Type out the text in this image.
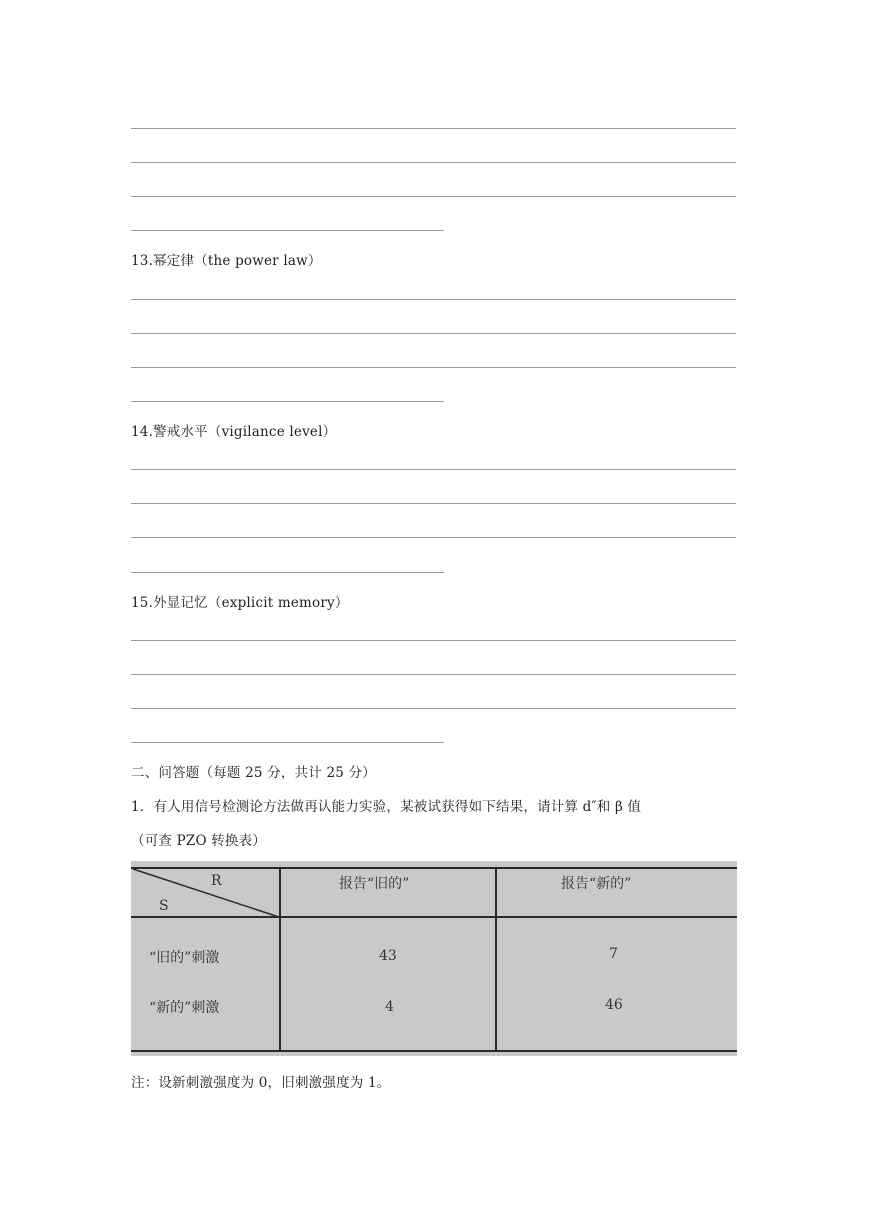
13.幂定律（the power law）
14.警戒水平（vigilance level）
15.外显记忆（explicit memory）
二、问答题（每题 25 分，共计 25 分）
1．有人用信号检测论方法做再认能力实验，某被试获得如下结果，请计算 d″和 β 值
（可查 PZO 转换表）
R
S
报告“旧的”	报告“新的”
“旧的”刺激	43	7
“新的”刺激	4	46
注：设新刺激强度为 0，旧刺激强度为 1。
